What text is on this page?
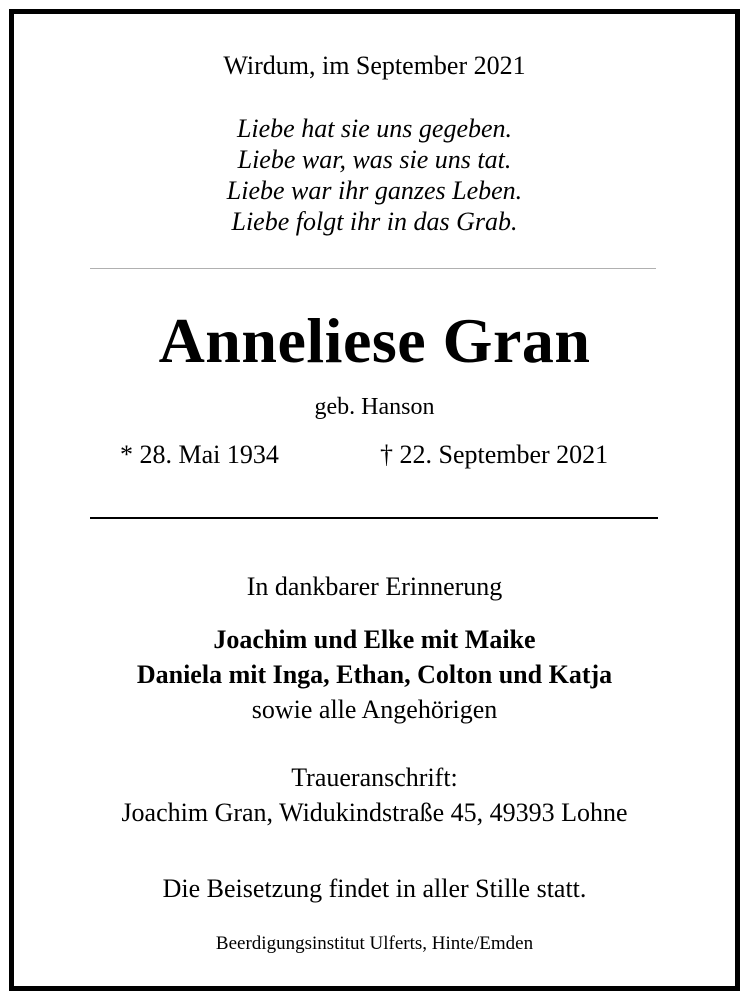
Wirdum, im September 2021
Liebe hat sie uns gegeben.
Liebe war, was sie uns tat.
Liebe war ihr ganzes Leben.
Liebe folgt ihr in das Grab.
Anneliese Gran
geb. Hanson
* 28. Mai 1934	† 22. September 2021
In dankbarer Erinnerung
Joachim und Elke mit Maike
Daniela mit Inga, Ethan, Colton und Katja
sowie alle Angehörigen
Traueranschrift:
Joachim Gran, Widukindstraße 45, 49393 Lohne
Die Beisetzung findet in aller Stille statt.
Beerdigungsinstitut Ulferts, Hinte/Emden
